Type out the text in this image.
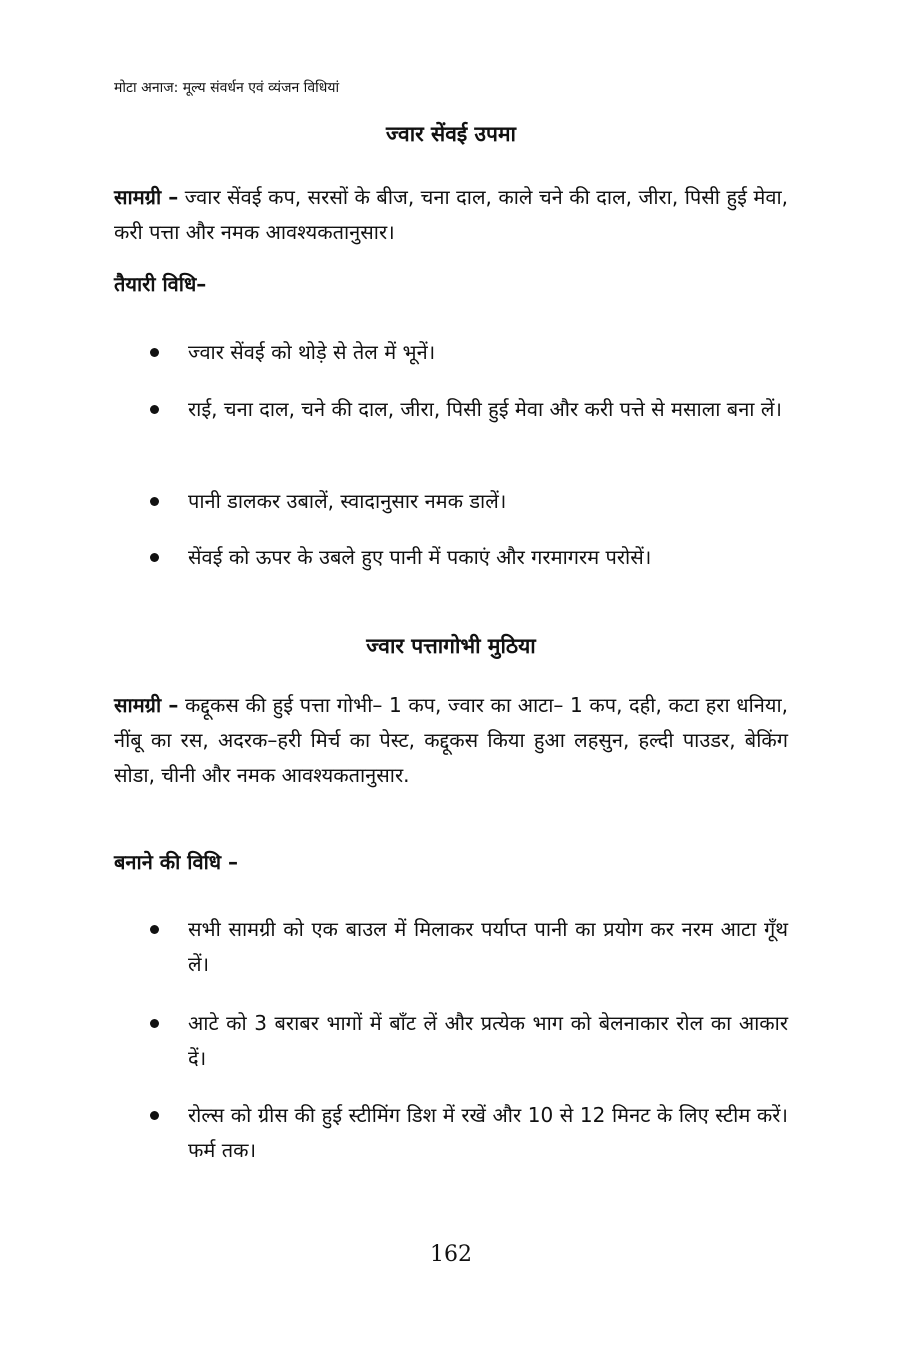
मोटा अनाज: मूल्य संवर्धन एवं व्यंजन विधियां
ज्वार सेंवई उपमा
सामग्री – ज्वार सेंवई कप, सरसों के बीज, चना दाल, काले चने की दाल, जीरा, पिसी हुई मेवा, करी पत्ता और नमक आवश्यकतानुसार।
तैयारी विधि–
ज्वार सेंवई को थोड़े से तेल में भूनें।
राई, चना दाल, चने की दाल, जीरा, पिसी हुई मेवा और करी पत्ते से मसाला बना लें।
पानी डालकर उबालें, स्वादानुसार नमक डालें।
सेंवई को ऊपर के उबले हुए पानी में पकाएं और गरमागरम परोसें।
ज्वार पत्तागोभी मुठिया
सामग्री – कद्दूकस की हुई पत्ता गोभी– 1 कप, ज्वार का आटा– 1 कप, दही, कटा हरा धनिया, नींबू का रस, अदरक–हरी मिर्च का पेस्ट, कद्दूकस किया हुआ लहसुन, हल्दी पाउडर, बेकिंग सोडा, चीनी और नमक आवश्यकतानुसार.
बनाने की विधि –
सभी सामग्री को एक बाउल में मिलाकर पर्याप्त पानी का प्रयोग कर नरम आटा गूँथ लें।
आटे को 3 बराबर भागों में बाँट लें और प्रत्येक भाग को बेलनाकार रोल का आकार दें।
रोल्स को ग्रीस की हुई स्टीमिंग डिश में रखें और 10 से 12 मिनट के लिए स्टीम करें। फर्म तक।
162
